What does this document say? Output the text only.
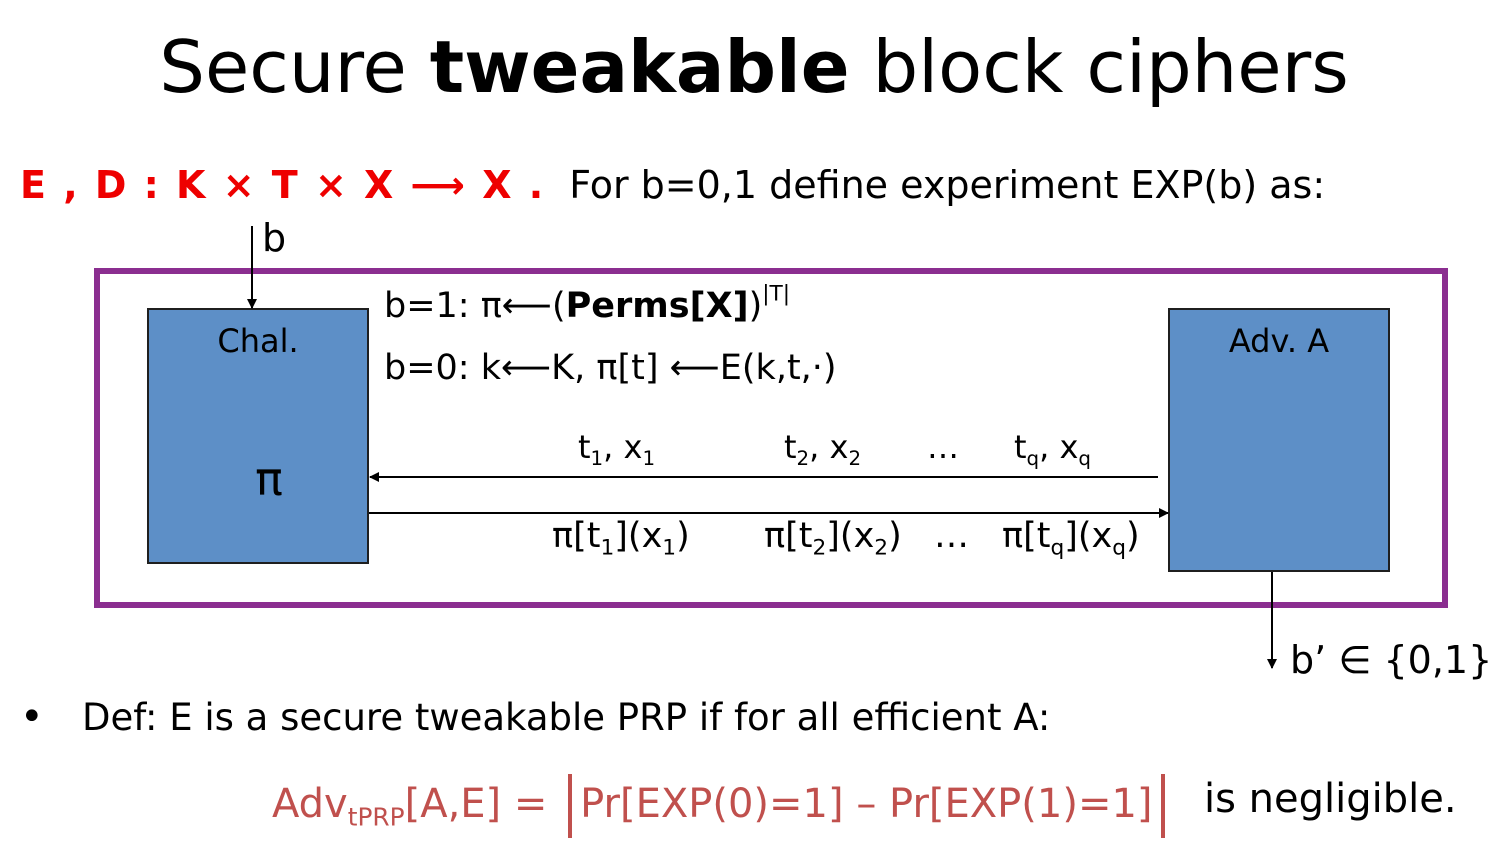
Secure tweakable block ciphers
E , D : K × T × X ⟶ X . For b=0,1 define experiment EXP(b) as:
Chal.
π
Adv. A
b
b=1: π⟵(Perms[X])$^{|T|}$
b=0: k⟵K, π[t] ⟵E(k,t,·)
$t_1$, $x_1$	$t_2$, $x_2$ … $t_q$, $x_q$
$\pi[t_1](x_1)$ $\pi[t_2](x_2)$ … $\pi[t_q](x_q)$
b’ ∈ {0,1}
• Def: E is a secure tweakable PRP if for all efficient A:
Adv$_{tPRP}$[A,E] = Pr[EXP(0)=1] – Pr[EXP(1)=1]	is negligible.
